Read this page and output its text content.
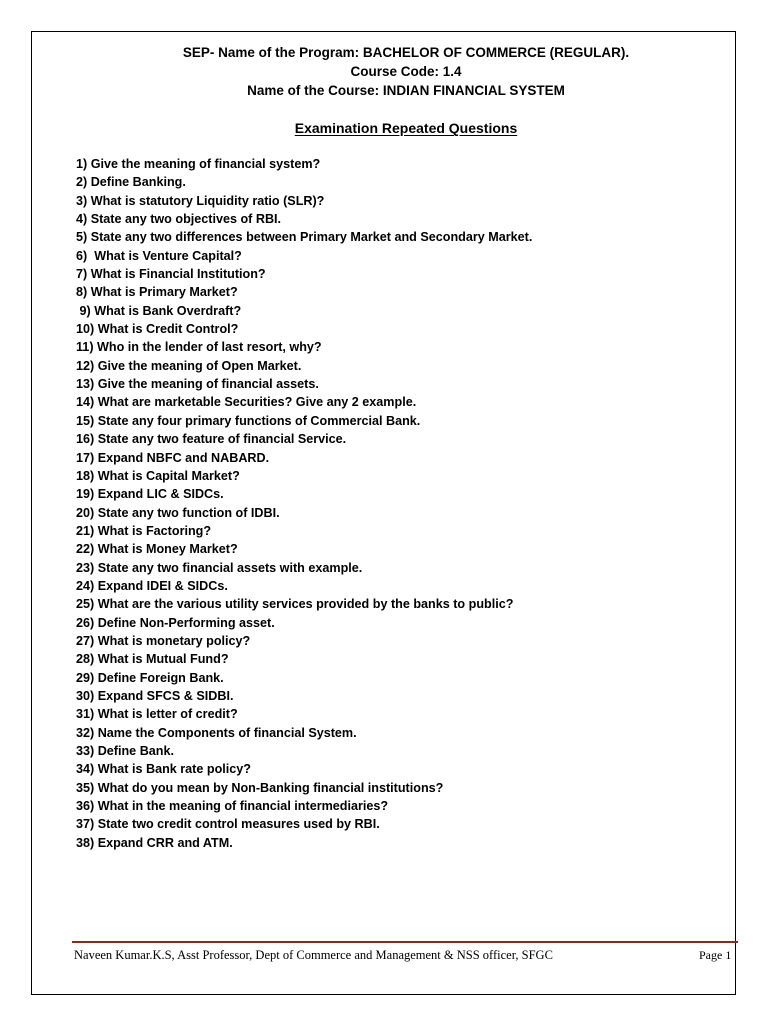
SEP- Name of the Program: BACHELOR OF COMMERCE (REGULAR).
Course Code: 1.4
Name of the Course: INDIAN FINANCIAL SYSTEM
Examination Repeated Questions
1) Give the meaning of financial system?
2) Define Banking.
3) What is statutory Liquidity ratio (SLR)?
4) State any two objectives of RBI.
5) State any two differences between Primary Market and Secondary Market.
6)  What is Venture Capital?
7) What is Financial Institution?
8) What is Primary Market?
9) What is Bank Overdraft?
10) What is Credit Control?
11) Who in the lender of last resort, why?
12) Give the meaning of Open Market.
13) Give the meaning of financial assets.
14) What are marketable Securities? Give any 2 example.
15) State any four primary functions of Commercial Bank.
16) State any two feature of financial Service.
17) Expand NBFC and NABARD.
18) What is Capital Market?
19) Expand LIC & SIDCs.
20) State any two function of IDBI.
21) What is Factoring?
22) What is Money Market?
23) State any two financial assets with example.
24) Expand IDEI & SIDCs.
25) What are the various utility services provided by the banks to public?
26) Define Non-Performing asset.
27) What is monetary policy?
28) What is Mutual Fund?
29) Define Foreign Bank.
30) Expand SFCS & SIDBI.
31) What is letter of credit?
32) Name the Components of financial System.
33) Define Bank.
34) What is Bank rate policy?
35) What do you mean by Non-Banking financial institutions?
36) What in the meaning of financial intermediaries?
37) State two credit control measures used by RBI.
38) Expand CRR and ATM.
Naveen Kumar.K.S, Asst Professor, Dept of Commerce and Management & NSS officer, SFGC	Page 1
